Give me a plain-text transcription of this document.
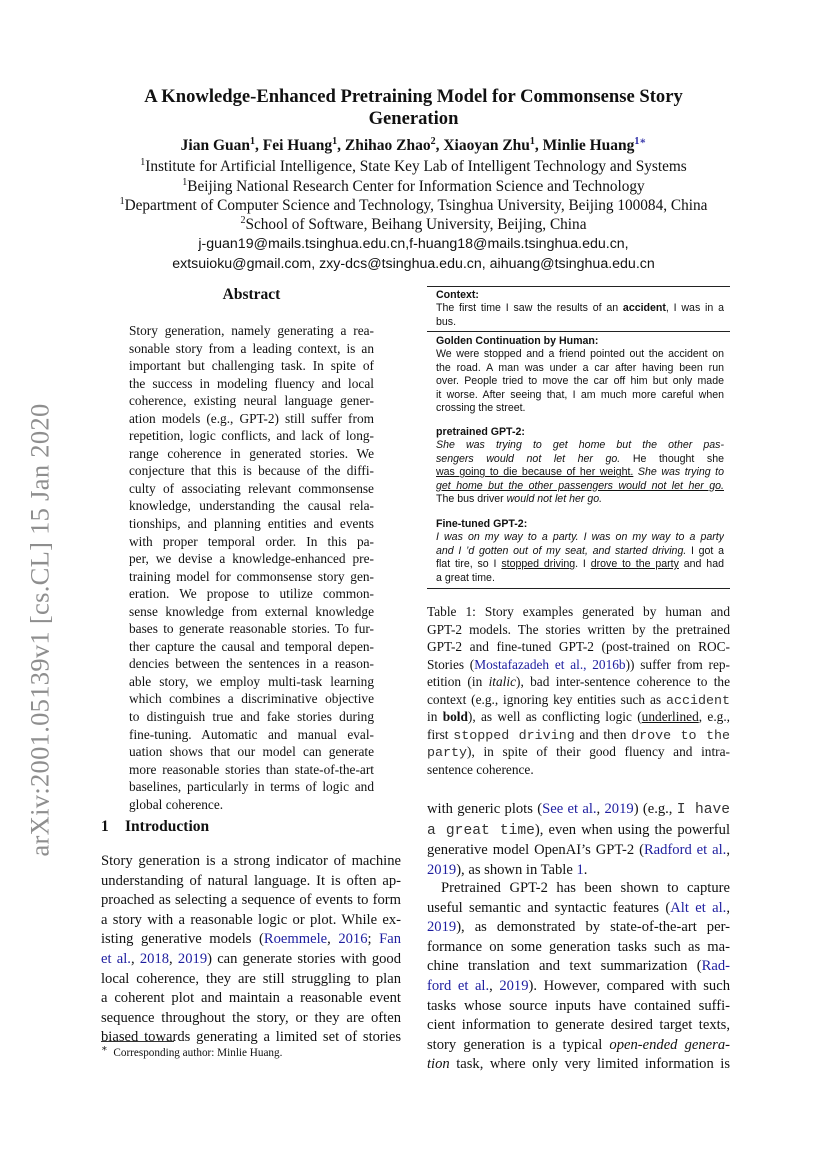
arXiv:2001.05139v1 [cs.CL] 15 Jan 2020
A Knowledge-Enhanced Pretraining Model for Commonsense Story
Generation
Jian Guan$^1$, Fei Huang$^1$, Zhihao Zhao$^2$, Xiaoyan Zhu$^1$, Minlie Huang$^{1∗}$
$^1$Institute for Artificial Intelligence, State Key Lab of Intelligent Technology and Systems
$^1$Beijing National Research Center for Information Science and Technology
$^1$Department of Computer Science and Technology, Tsinghua University, Beijing 100084, China
$^2$School of Software, Beihang University, Beijing, China
j-guan19@mails.tsinghua.edu.cn,f-huang18@mails.tsinghua.edu.cn,
extsuioku@gmail.com, zxy-dcs@tsinghua.edu.cn, aihuang@tsinghua.edu.cn
Abstract
Story generation, namely generating a rea-
sonable story from a leading context, is an
important but challenging task. In spite of
the success in modeling fluency and local
coherence, existing neural language gener-
ation models (e.g., GPT-2) still suffer from
repetition, logic conflicts, and lack of long-
range coherence in generated stories. We
conjecture that this is because of the diffi-
culty of associating relevant commonsense
knowledge, understanding the causal rela-
tionships, and planning entities and events
with proper temporal order. In this pa-
per, we devise a knowledge-enhanced pre-
training model for commonsense story gen-
eration. We propose to utilize common-
sense knowledge from external knowledge
bases to generate reasonable stories. To fur-
ther capture the causal and temporal depen-
dencies between the sentences in a reason-
able story, we employ multi-task learning
which combines a discriminative objective
to distinguish true and fake stories during
fine-tuning. Automatic and manual eval-
uation shows that our model can generate
more reasonable stories than state-of-the-art
baselines, particularly in terms of logic and
global coherence.
Context:
The first time I saw the results of an accident, I was in a
bus.
Golden Continuation by Human:
We were stopped and a friend pointed out the accident on
the road. A man was under a car after having been run
over. People tried to move the car off him but only made
it worse. After seeing that, I am much more careful when
crossing the street.
pretrained GPT-2:
She was trying to get home but the other pas-
sengers would not let her go. He thought she
was going to die because of her weight. She was trying to
get home but the other passengers would not let her go.
The bus driver would not let her go.
Fine-tuned GPT-2:
I was on my way to a party. I was on my way to a party
and I ’d gotten out of my seat, and started driving. I got a
flat tire, so I stopped driving. I drove to the party and had
a great time.
Table 1: Story examples generated by human and
GPT-2 models. The stories written by the pretrained
GPT-2 and fine-tuned GPT-2 (post-trained on ROC-
Stories (Mostafazadeh et al., 2016b)) suffer from rep-
etition (in italic), bad inter-sentence coherence to the
context (e.g., ignoring key entities such as accident
in bold), as well as conflicting logic (underlined, e.g.,
first stopped driving and then drove to the
party), in spite of their good fluency and intra-
sentence coherence.
1 Introduction
Story generation is a strong indicator of machine
understanding of natural language. It is often ap-
proached as selecting a sequence of events to form
a story with a reasonable logic or plot. While ex-
isting generative models (Roemmele, 2016; Fan
et al., 2018, 2019) can generate stories with good
local coherence, they are still struggling to plan
a coherent plot and maintain a reasonable event
sequence throughout the story, or they are often
biased towards generating a limited set of stories
with generic plots (See et al., 2019) (e.g., I have
a great time), even when using the powerful
generative model OpenAI’s GPT-2 (Radford et al.,
2019), as shown in Table 1.
Pretrained GPT-2 has been shown to capture
useful semantic and syntactic features (Alt et al.,
2019), as demonstrated by state-of-the-art per-
formance on some generation tasks such as ma-
chine translation and text summarization (Rad-
ford et al., 2019). However, compared with such
tasks whose source inputs have contained suffi-
cient information to generate desired target texts,
story generation is a typical open-ended genera-
tion task, where only very limited information is
∗ Corresponding author: Minlie Huang.
